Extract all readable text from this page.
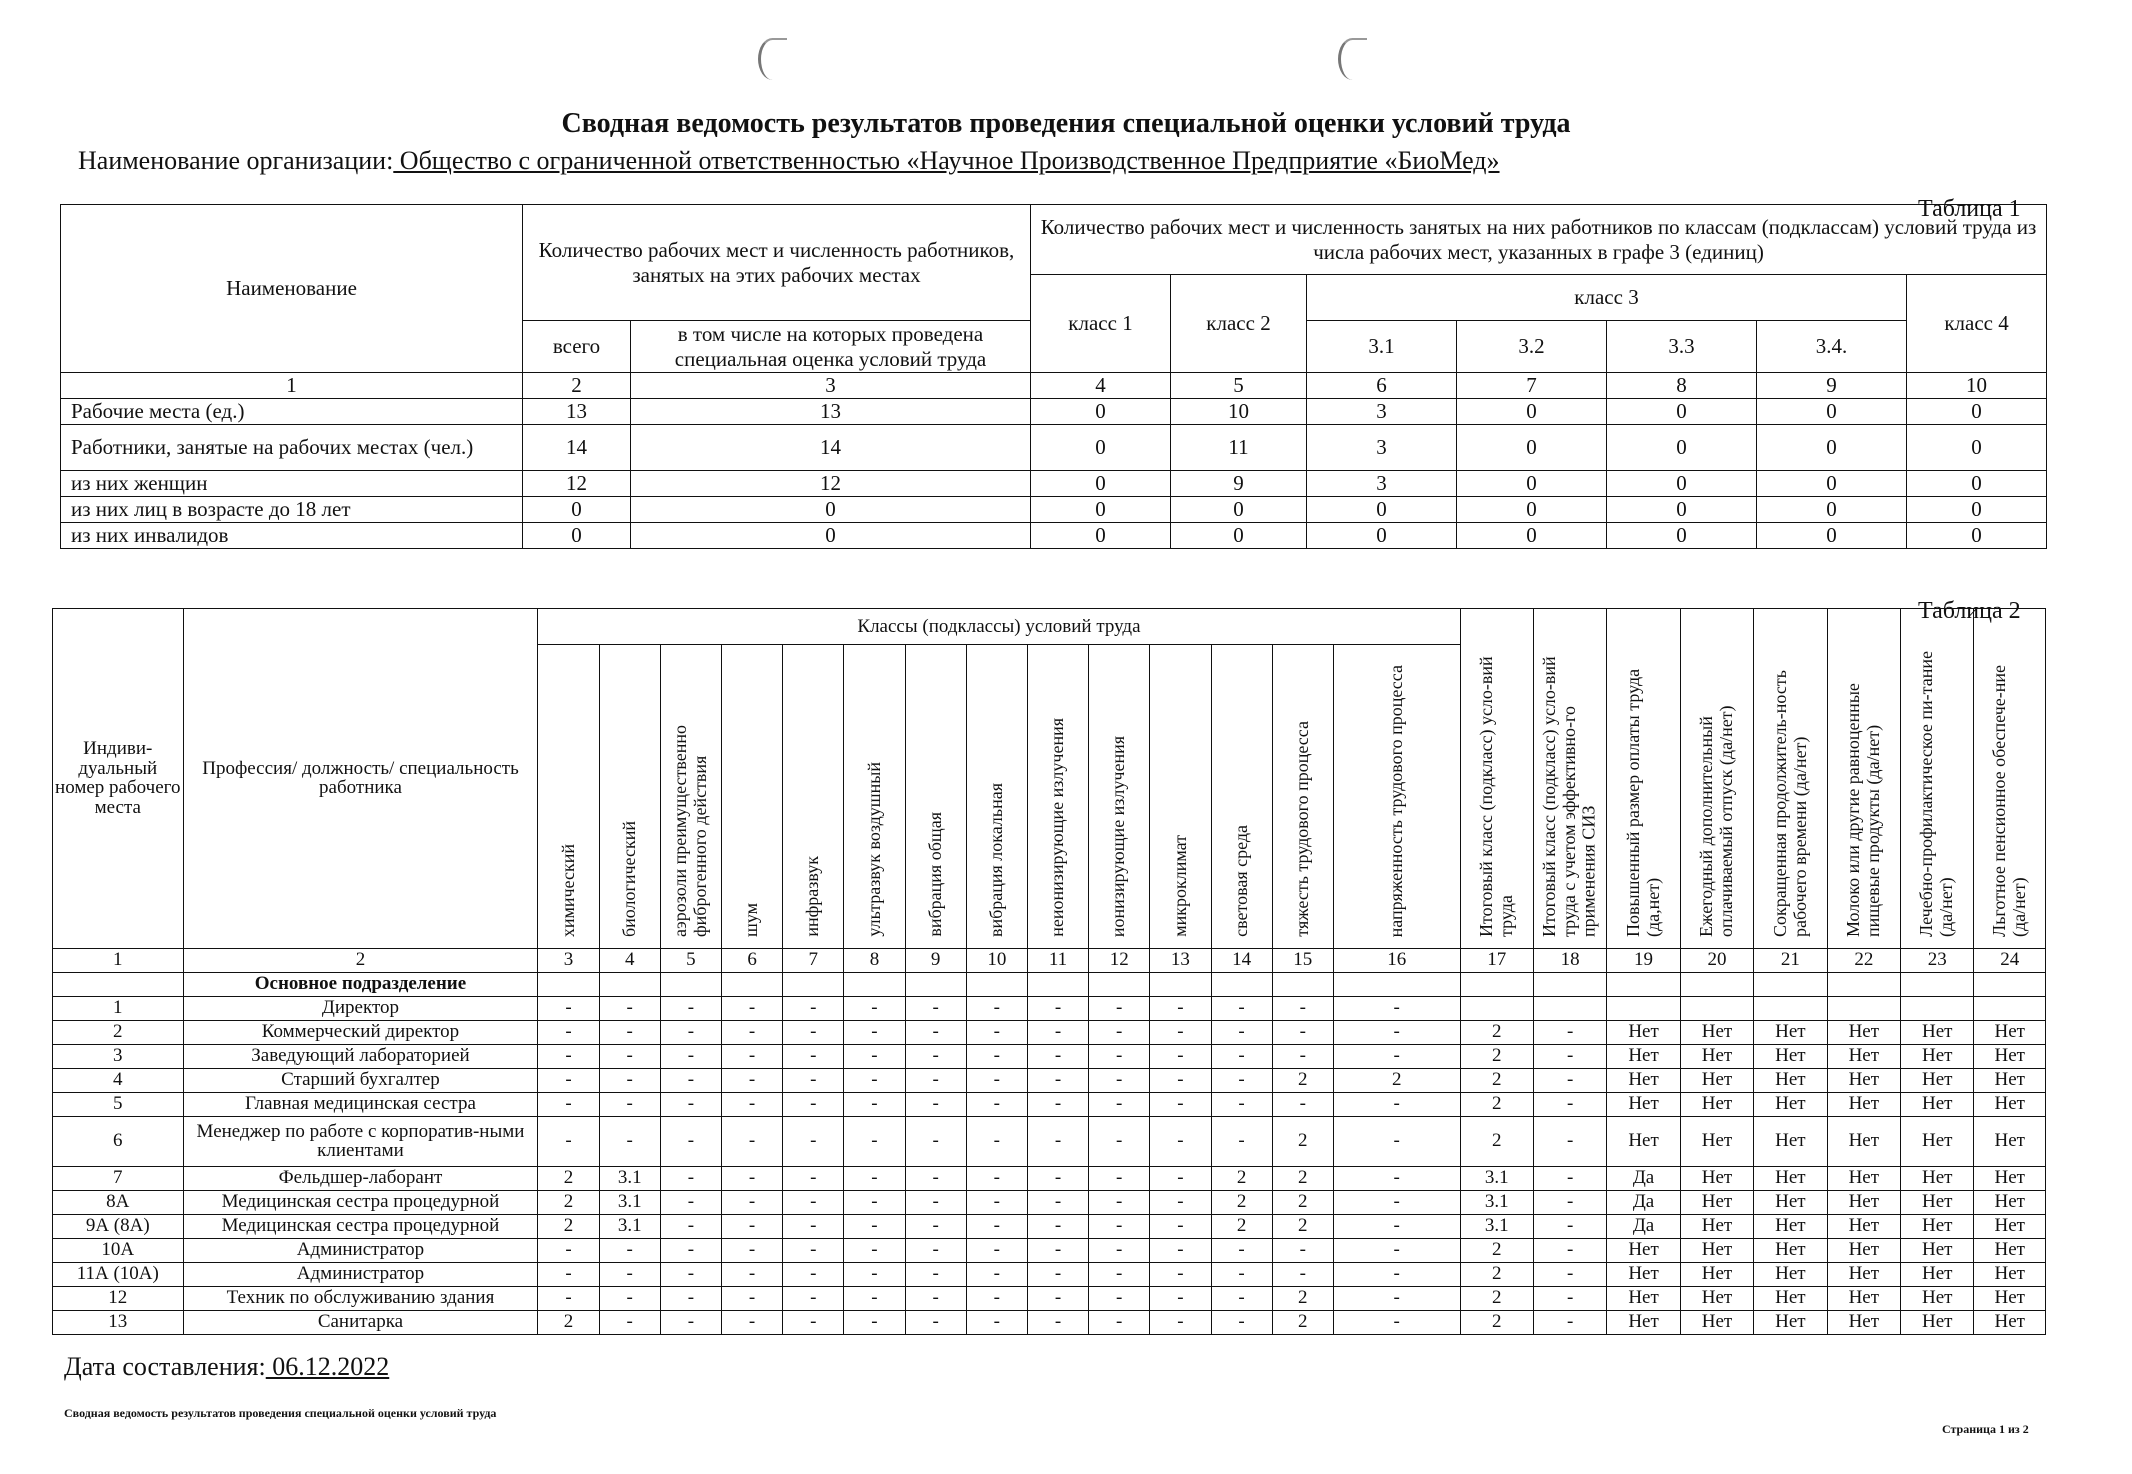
Сводная ведомость результатов проведения специальной оценки условий труда
Наименование организации: Общество с ограниченной ответственностью «Научное Производственное Предприятие «БиоМед»
Таблица 1
Наименование	Количество рабочих мест и численность работников, занятых на этих рабочих местах		Количество рабочих мест и численность занятых на них работников по классам (подклассам) условий труда из числа рабочих мест, указанных в графе 3 (единиц)						
			класс 1	класс 2	класс 3				класс 4
	всего	в том числе на которых проведена специальная оценка условий труда			3.1	3.2	3.3	3.4.	
1	2	3	4	5	6	7	8	9	10
Рабочие места (ед.)	13	13	0	10	3	0	0	0	0
Работники, занятые на рабочих местах (чел.)	14	14	0	11	3	0	0	0	0
из них женщин	12	12	0	9	3	0	0	0	0
из них лиц в возрасте до 18 лет	0	0	0	0	0	0	0	0	0
из них инвалидов	0	0	0	0	0	0	0	0	0
Таблица 2
Индиви-дуальный номер рабочего места	Профессия/ должность/ специальность работника	Классы (подклассы) условий труда														Итоговый класс (подкласс) усло-вий труда	Итоговый класс (подкласс) усло-вий труда с учетом эффективно-го применения СИЗ	Повышенный размер оплаты труда (да,нет)	Ежегодный дополнительный оплачиваемый отпуск (да/нет)	Сокращенная продолжитель-ность рабочего времени (да/нет)	Молоко или другие равноценные пищевые продукты (да/нет)	Лечебно-профилактическое пи-тание (да/нет)	Льготное пенсионное обеспече-ние (да/нет)
		химический	биологический	аэрозоли преимущественно фиброгенного действия	шум	инфразвук	ультразвук воздушный	вибрация общая	вибрация локальная	неионизирующие излучения	ионизирующие излучения	микроклимат	световая среда	тяжесть трудового процесса	напряженность трудового процесса								
1	2	3	4	5	6	7	8	9	10	11	12	13	14	15	16	17	18	19	20	21	22	23	24
	Основное подразделение																						
1	Директор	-	-	-	-	-	-	-	-	-	-	-	-	-	-								
2	Коммерческий директор	-	-	-	-	-	-	-	-	-	-	-	-	-	-	2	-	Нет	Нет	Нет	Нет	Нет	Нет
3	Заведующий лабораторией	-	-	-	-	-	-	-	-	-	-	-	-	-	-	2	-	Нет	Нет	Нет	Нет	Нет	Нет
4	Старший бухгалтер	-	-	-	-	-	-	-	-	-	-	-	-	2	2	2	-	Нет	Нет	Нет	Нет	Нет	Нет
5	Главная медицинская сестра	-	-	-	-	-	-	-	-	-	-	-	-	-	-	2	-	Нет	Нет	Нет	Нет	Нет	Нет
6	Менеджер по работе с корпоратив-ными клиентами	-	-	-	-	-	-	-	-	-	-	-	-	2	-	2	-	Нет	Нет	Нет	Нет	Нет	Нет
7	Фельдшер-лаборант	2	3.1	-	-	-	-	-	-	-	-	-	2	2	-	3.1	-	Да	Нет	Нет	Нет	Нет	Нет
8А	Медицинская сестра процедурной	2	3.1	-	-	-	-	-	-	-	-	-	2	2	-	3.1	-	Да	Нет	Нет	Нет	Нет	Нет
9А (8А)	Медицинская сестра процедурной	2	3.1	-	-	-	-	-	-	-	-	-	2	2	-	3.1	-	Да	Нет	Нет	Нет	Нет	Нет
10А	Администратор	-	-	-	-	-	-	-	-	-	-	-	-	-	-	2	-	Нет	Нет	Нет	Нет	Нет	Нет
11А (10А)	Администратор	-	-	-	-	-	-	-	-	-	-	-	-	-	-	2	-	Нет	Нет	Нет	Нет	Нет	Нет
12	Техник по обслуживанию здания	-	-	-	-	-	-	-	-	-	-	-	-	2	-	2	-	Нет	Нет	Нет	Нет	Нет	Нет
13	Санитарка	2	-	-	-	-	-	-	-	-	-	-	-	2	-	2	-	Нет	Нет	Нет	Нет	Нет	Нет
Дата составления: 06.12.2022
Сводная ведомость результатов проведения специальной оценки условий труда
Страница 1 из 2
